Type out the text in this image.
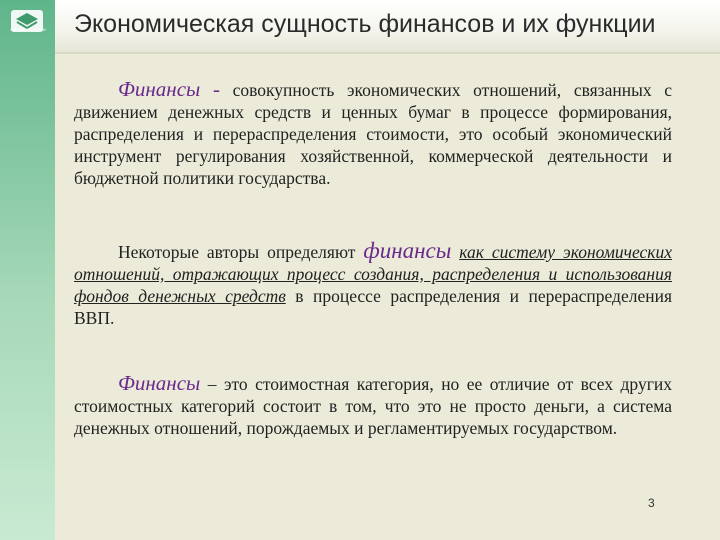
СБЕРБАНК РОССИИ Экономическая сущность финансов и их функции
Финансы - совокупность экономических отношений, связанных с движением денежных средств и ценных бумаг в процессе формирования, распределения и перераспределения стоимости, это особый экономический инструмент регулирования хозяйственной, коммерческой деятельности и бюджетной политики государства.
Некоторые авторы определяют финансы как системy экономических отношений, отражающих процесс создания, распределения и использования фондов денежных средств в процессе распределения и перераспределения ВВП.
Финансы – это стоимостная категория, но ее отличие от всех других стоимостных категорий состоит в том, что это не просто деньги, а система денежных отношений, порождаемых и регламентируемых государством.
3
